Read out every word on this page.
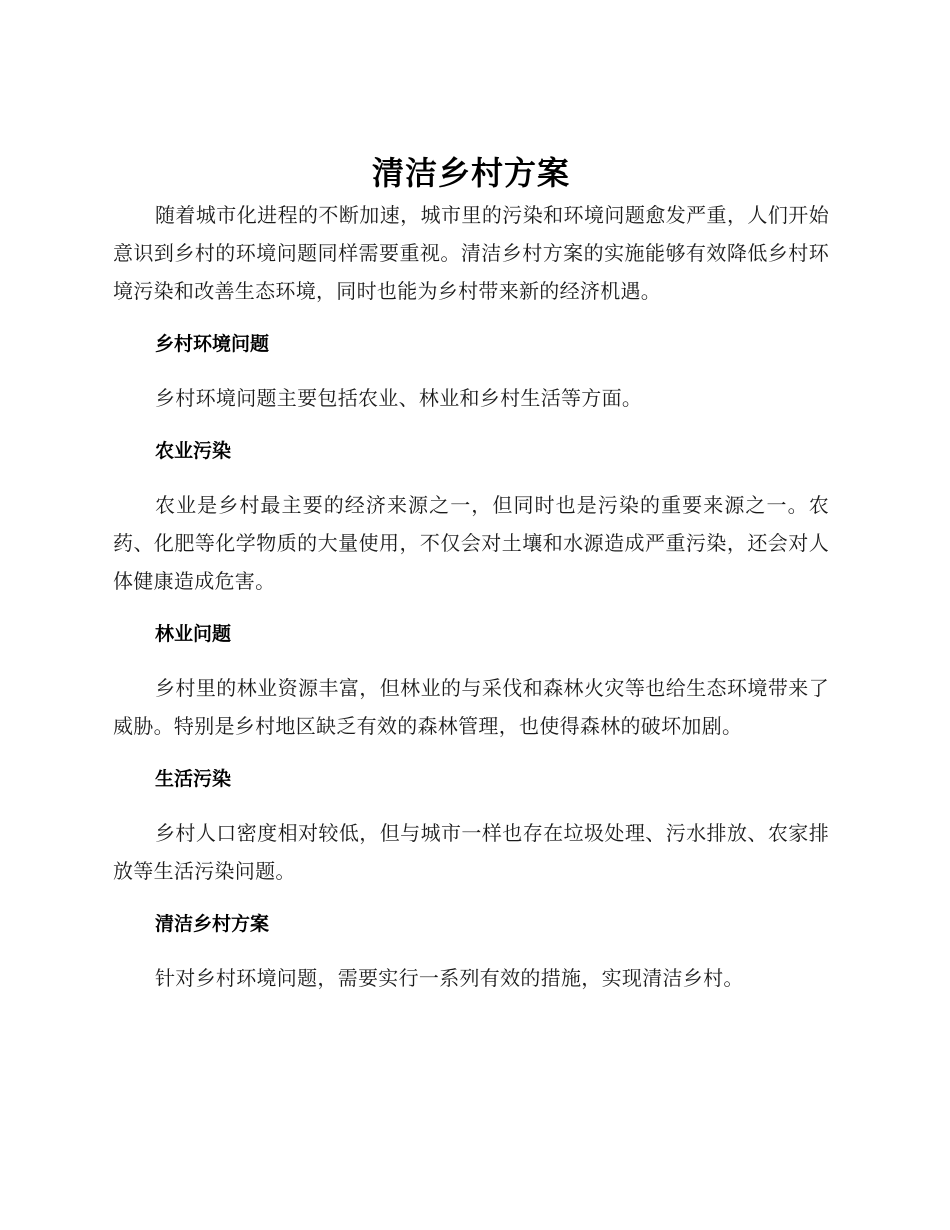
清洁乡村方案

随着城市化进程的不断加速，城市里的污染和环境问题愈发严重，人们开始意识到乡村的环境问题同样需要重视。清洁乡村方案的实施能够有效降低乡村环境污染和改善生态环境，同时也能为乡村带来新的经济机遇。

乡村环境问题

乡村环境问题主要包括农业、林业和乡村生活等方面。

农业污染

农业是乡村最主要的经济来源之一，但同时也是污染的重要来源之一。农药、化肥等化学物质的大量使用，不仅会对土壤和水源造成严重污染，还会对人体健康造成危害。

林业问题

乡村里的林业资源丰富，但林业的与采伐和森林火灾等也给生态环境带来了威胁。特别是乡村地区缺乏有效的森林管理，也使得森林的破坏加剧。

生活污染

乡村人口密度相对较低，但与城市一样也存在垃圾处理、污水排放、农家排放等生活污染问题。

清洁乡村方案

针对乡村环境问题，需要实行一系列有效的措施，实现清洁乡村。
